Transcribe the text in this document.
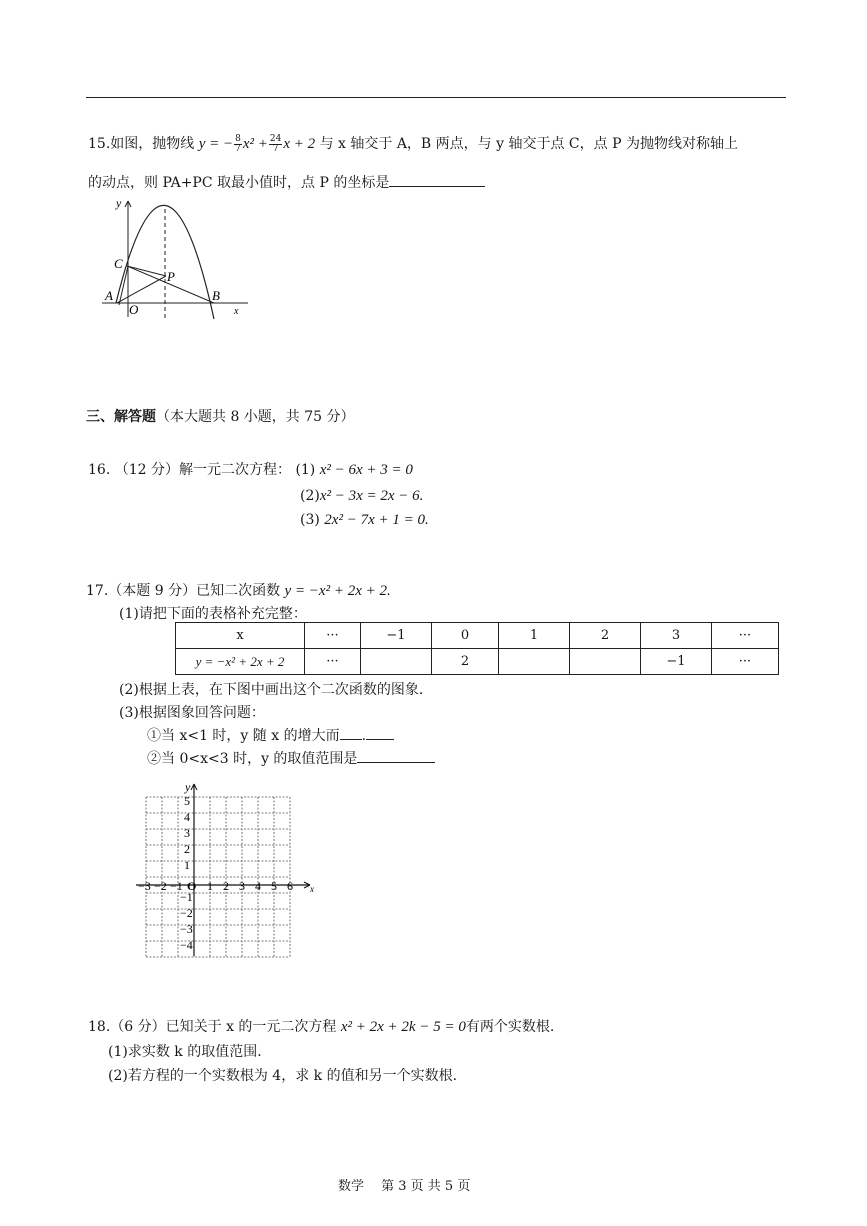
15.如图，抛物线 y = − $\frac{8}{7} x^2 + \frac{24}{7}$ x + 2 与 x 轴交于 A，B 两点，与 y 轴交于点 C，点 P 为抛物线对称轴上
的动点，则 PA+PC 取最小值时，点 P 的坐标是
y
x
C
P
A	B
O
三、解答题（本大题共 8 小题，共 75 分）
16. （12 分）解一元二次方程： (1) x² − 6x + 3 = 0
(2)x² − 3x = 2x − 6.
(3) 2x² − 7x + 1 = 0.
17.（本题 9 分）已知二次函数 y = −x² + 2x + 2.
(1)请把下面的表格补充完整：
x	···	−1	0	1	2	3	···
y = −x² + 2x + 2	···		2			−1	···
(2)根据上表，在下图中画出这个二次函数的图象.
(3)根据图象回答问题：
①当 x<1 时，y 随 x 的增大而 .
②当 0<x<3 时，y 的取值范围是
y
x
O
−3 −2 −1 1 2 3 4 5 6
5
4
3
2
1
−1
−2
−3
−4
18.（6 分）已知关于 x 的一元二次方程 x² + 2x + 2k − 5 = 0有两个实数根.
(1)求实数 k 的取值范围.
(2)若方程的一个实数根为 4，求 k 的值和另一个实数根.
数学　 第 3 页 共 5 页
